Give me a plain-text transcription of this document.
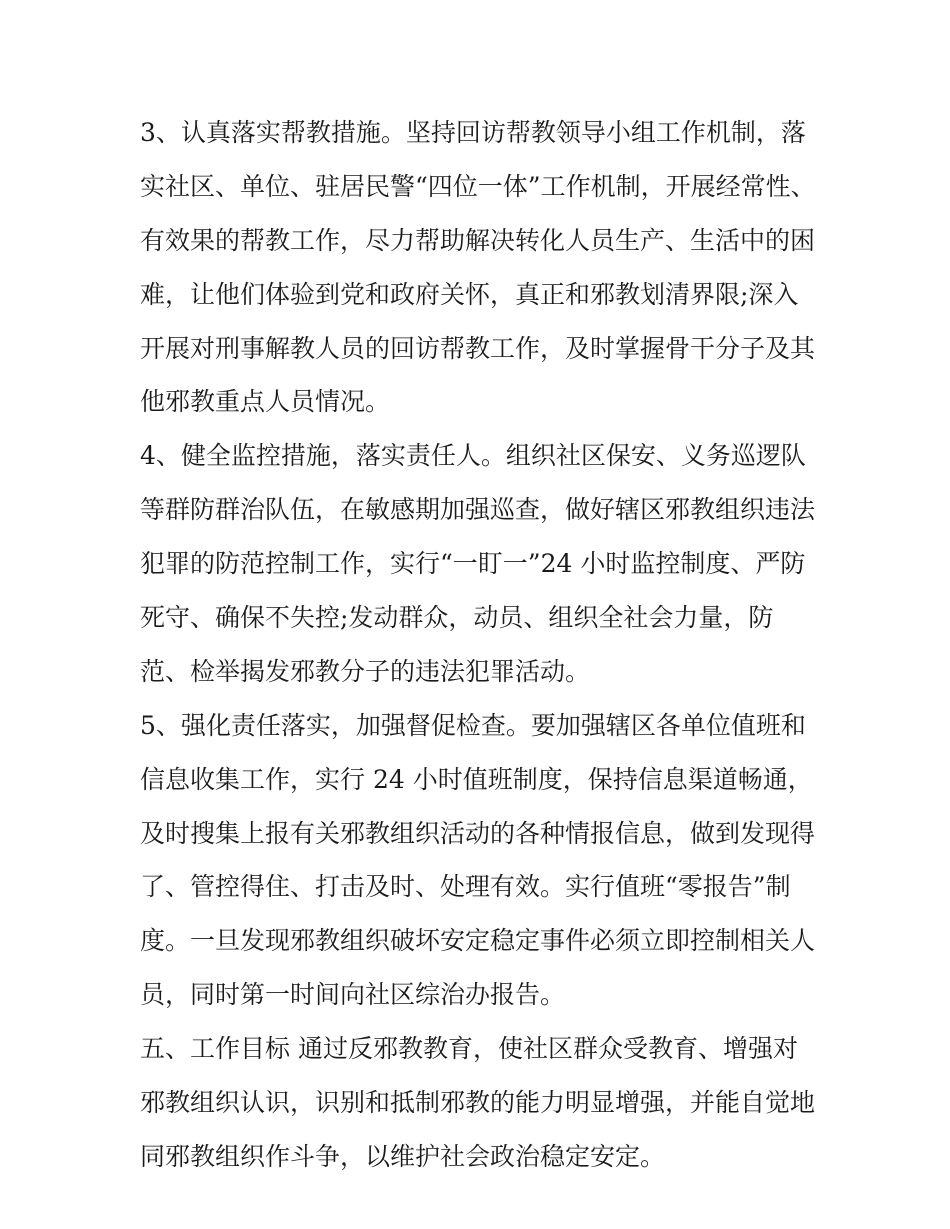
3、认真落实帮教措施。坚持回访帮教领导小组工作机制，落
实社区、单位、驻居民警“四位一体”工作机制，开展经常性、
有效果的帮教工作，尽力帮助解决转化人员生产、生活中的困
难，让他们体验到党和政府关怀，真正和邪教划清界限;深入
开展对刑事解教人员的回访帮教工作，及时掌握骨干分子及其
他邪教重点人员情况。
4、健全监控措施，落实责任人。组织社区保安、义务巡逻队
等群防群治队伍，在敏感期加强巡查，做好辖区邪教组织违法
犯罪的防范控制工作，实行“一盯一”24 小时监控制度、严防
死守、确保不失控;发动群众，动员、组织全社会力量，防
范、检举揭发邪教分子的违法犯罪活动。
5、强化责任落实，加强督促检查。要加强辖区各单位值班和
信息收集工作，实行 24 小时值班制度，保持信息渠道畅通，
及时搜集上报有关邪教组织活动的各种情报信息，做到发现得
了、管控得住、打击及时、处理有效。实行值班“零报告”制
度。一旦发现邪教组织破坏安定稳定事件必须立即控制相关人
员，同时第一时间向社区综治办报告。
五、工作目标 通过反邪教教育，使社区群众受教育、增强对
邪教组织认识，识别和抵制邪教的能力明显增强，并能自觉地
同邪教组织作斗争，以维护社会政治稳定安定。
